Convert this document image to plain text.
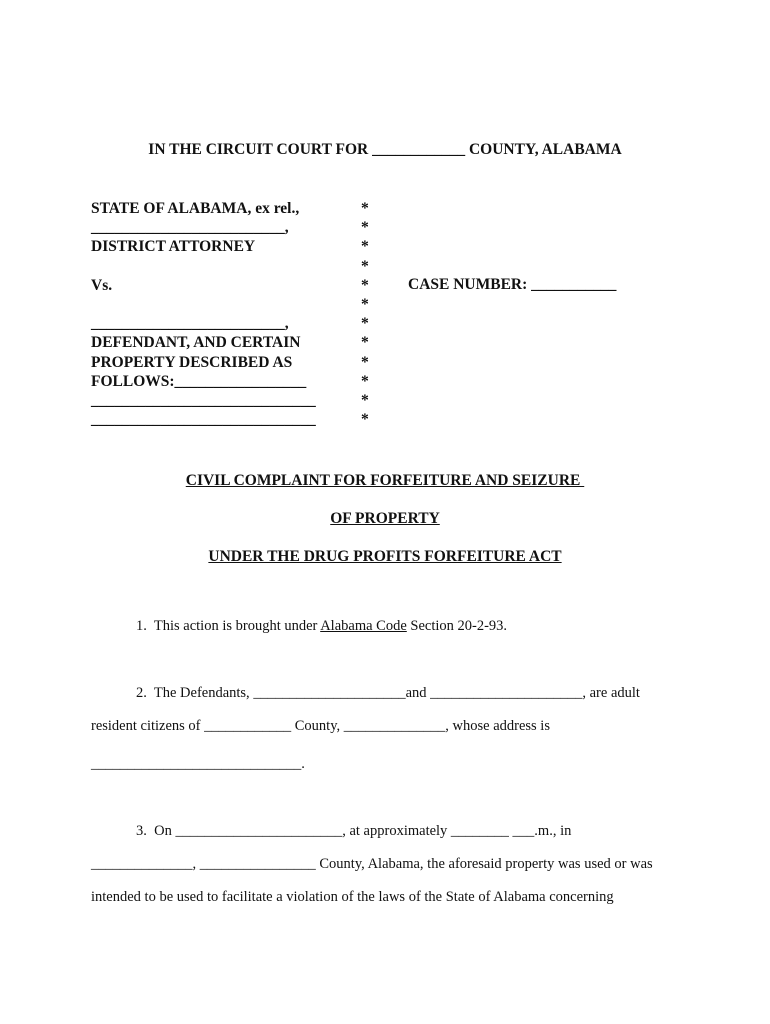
IN THE CIRCUIT COURT FOR ____________ COUNTY, ALABAMA
STATE OF ALABAMA, ex rel.,
_________________________,
DISTRICT ATTORNEY
Vs.
_________________________,
DEFENDANT, AND CERTAIN
PROPERTY DESCRIBED AS
FOLLOWS:_________________
_____________________________
_____________________________
*
*
*
*
*
*
*
*
*
*
*
*
CASE NUMBER: ___________
CIVIL COMPLAINT FOR FORFEITURE AND SEIZURE
OF PROPERTY
UNDER THE DRUG PROFITS FORFEITURE ACT
1.  This action is brought under Alabama Code Section 20-2-93.
2.  The Defendants, _____________________and _____________________, are adult
resident citizens of ____________ County, ______________, whose address is
_____________________________.
3.  On _______________________, at approximately ________ ___.m., in
______________, ________________ County, Alabama, the aforesaid property was used or was
intended to be used to facilitate a violation of the laws of the State of Alabama concerning
